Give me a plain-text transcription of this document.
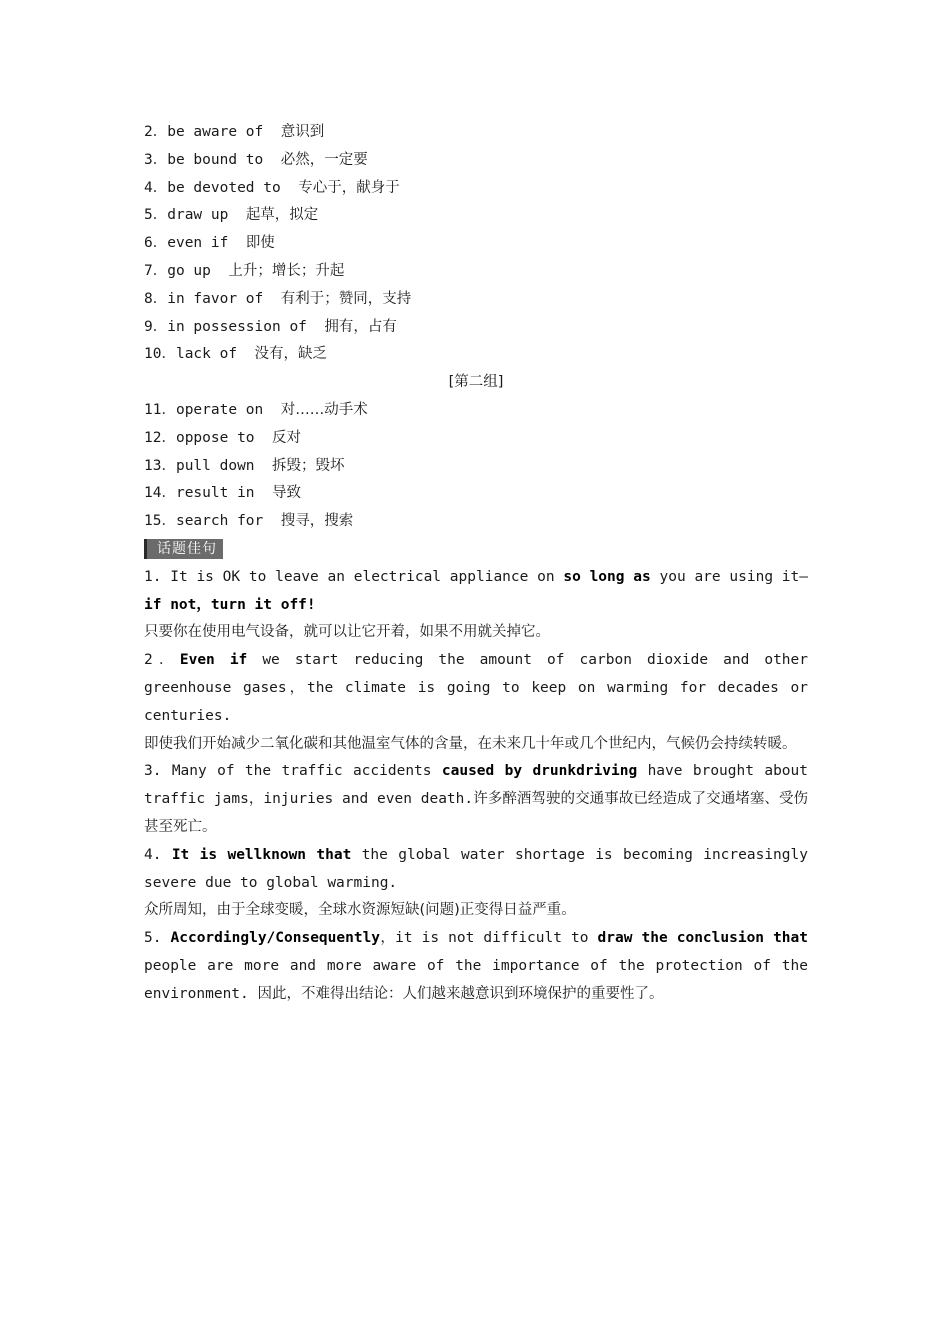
2．be aware of 意识到
3．be bound to 必然，一定要
4．be devoted to 专心于，献身于
5．draw up 起草，拟定
6．even if 即使
7．go up 上升；增长；升起
8．in favor of 有利于；赞同，支持
9．in possession of 拥有，占有
10．lack of 没有，缺乏
[第二组]
11．operate on 对……动手术
12．oppose to 反对
13．pull down 拆毁；毁坏
14．result in 导致
15．search for 搜寻，搜索
话题佳句
1. It is OK to leave an electrical appliance on so long as you are using it—if not，turn it off!
只要你在使用电气设备，就可以让它开着，如果不用就关掉它。
2．Even if we start reducing the amount of carbon dioxide and other greenhouse gases，the climate is going to keep on warming for decades or centuries.
即使我们开始减少二氧化碳和其他温室气体的含量，在未来几十年或几个世纪内，气候仍会持续转暖。
3. Many of the traffic accidents caused by drunkdriving have brought about traffic jams，injuries and even death.许多醉酒驾驶的交通事故已经造成了交通堵塞、受伤甚至死亡。
4. It is wellknown that the global water shortage is becoming increasingly severe due to global warming.
众所周知，由于全球变暖，全球水资源短缺(问题)正变得日益严重。
5. Accordingly/Consequently，it is not difficult to draw the conclusion that people are more and more aware of the importance of the protection of the environment. 因此，不难得出结论：人们越来越意识到环境保护的重要性了。
